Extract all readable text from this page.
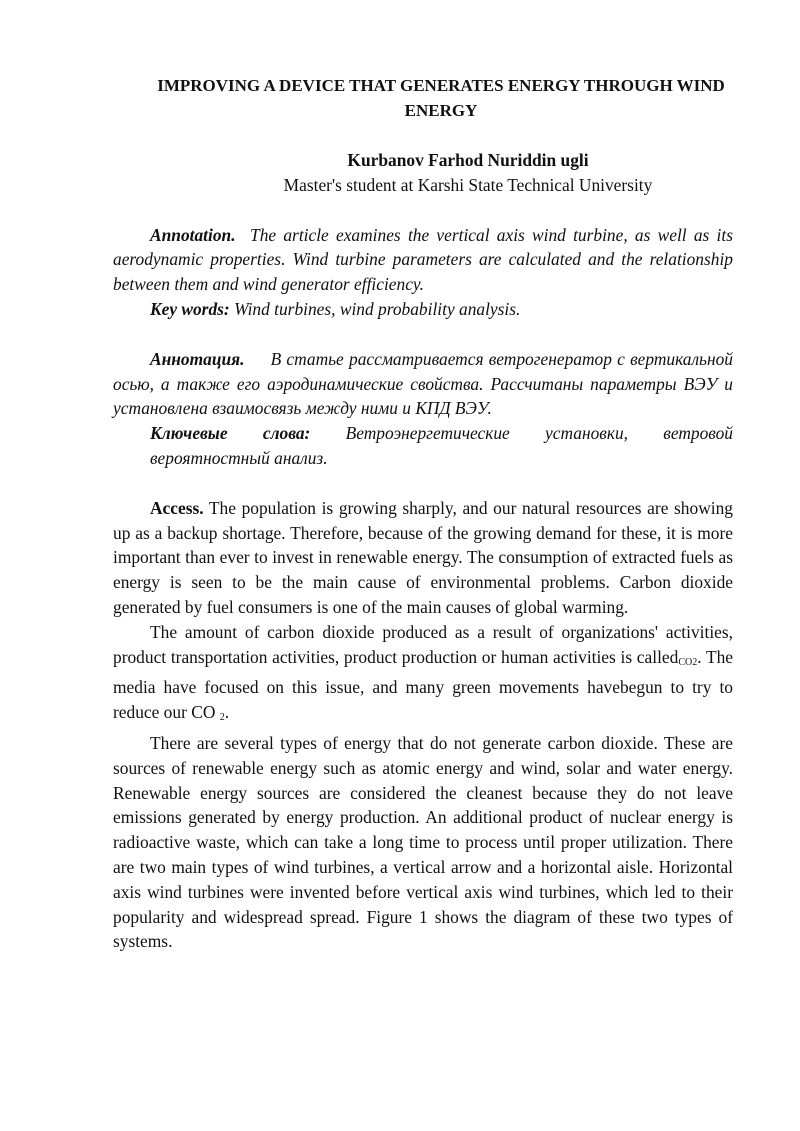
IMPROVING A DEVICE THAT GENERATES ENERGY THROUGH WIND ENERGY
Kurbanov Farhod Nuriddin ugli
Master's student at Karshi State Technical University

Annotation. The article examines the vertical axis wind turbine, as well as its aerodynamic properties. Wind turbine parameters are calculated and the relationship between them and wind generator efficiency.

Key words: Wind turbines, wind probability analysis.

Аннотация. В статье рассматривается ветрогенератор с вертикальной осью, а также его аэродинамические свойства. Рассчитаны параметры ВЭУ и установлена взаимосвязь между ними и КПД ВЭУ.

Ключевые слова: Ветроэнергетические установки, ветровой вероятностный анализ.

Access. The population is growing sharply, and our natural resources are showing up as a backup shortage. Therefore, because of the growing demand for these, it is more important than ever to invest in renewable energy. The consumption of extracted fuels as energy is seen to be the main cause of environmental problems. Carbon dioxide generated by fuel consumers is one of the main causes of global warming.

The amount of carbon dioxide produced as a result of organizations' activities, product transportation activities, product production or human activities is called$_{CO2}$. The media have focused on this issue, and many green movements havebegun to try to reduce our CO $_2$.

There are several types of energy that do not generate carbon dioxide. These are sources of renewable energy such as atomic energy and wind, solar and water energy. Renewable energy sources are considered the cleanest because they do not leave emissions generated by energy production. An additional product of nuclear energy is radioactive waste, which can take a long time to process until proper utilization. There are two main types of wind turbines, a vertical arrow and a horizontal aisle. Horizontal axis wind turbines were invented before vertical axis wind turbines, which led to their popularity and widespread spread. Figure 1 shows the diagram of these two types of systems.
